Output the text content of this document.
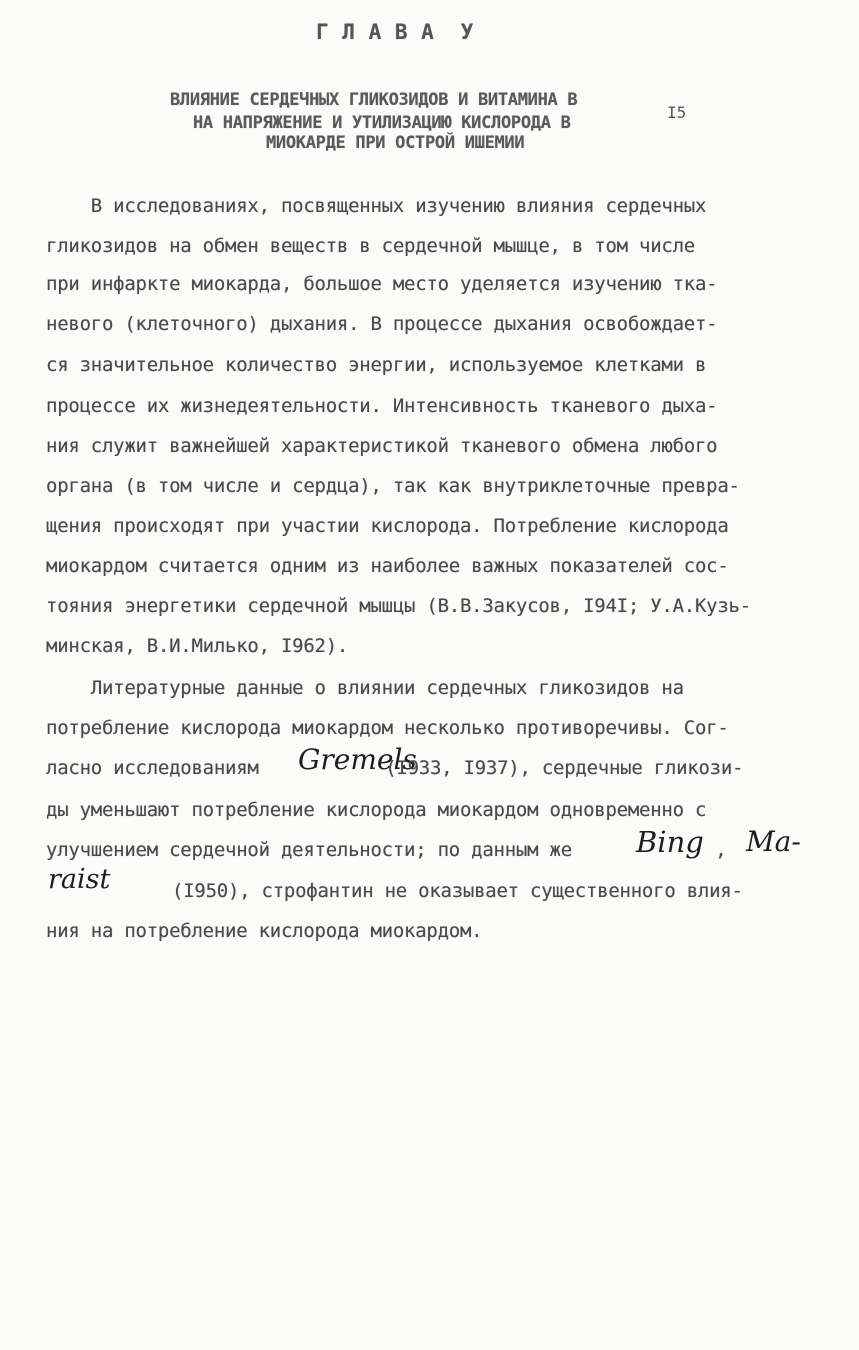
Г Л А В А  У
ВЛИЯНИЕ СЕРДЕЧНЫХ ГЛИКОЗИДОВ И ВИТАМИНА В
I5
НА НАПРЯЖЕНИЕ И УТИЛИЗАЦИЮ КИСЛОРОДА В
МИОКАРДЕ ПРИ ОСТРОЙ ИШЕМИИ
В исследованиях, посвященных изучению влияния сердечных
гликозидов на обмен веществ в сердечной мышце, в том числе
при инфаркте миокарда, большое место уделяется изучению тка-
невого (клеточного) дыхания. В процессе дыхания освобождает-
ся значительное количество энергии, используемое клетками в
процессе их жизнедеятельности. Интенсивность тканевого дыха-
ния служит важнейшей характеристикой тканевого обмена любого
органа (в том числе и сердца), так как внутриклеточные превра-
щения происходят при участии кислорода. Потребление кислорода
миокардом считается одним из наиболее важных показателей сос-
тояния энергетики сердечной мышцы (В.В.Закусов, I94I; У.А.Кузь-
минская, В.И.Милько, I962).
Литературные данные о влиянии сердечных гликозидов на
потребление кислорода миокардом несколько противоречивы. Сог-
ласно исследованиям Gremels
(I933, I937), сердечные гликози-
ды уменьшают потребление кислорода миокардом одновременно с
улучшением сердечной деятельности; по данным же Bing , Ma-
raist	(I950), строфантин не оказывает существенного влия-
ния на потребление кислорода миокардом.
